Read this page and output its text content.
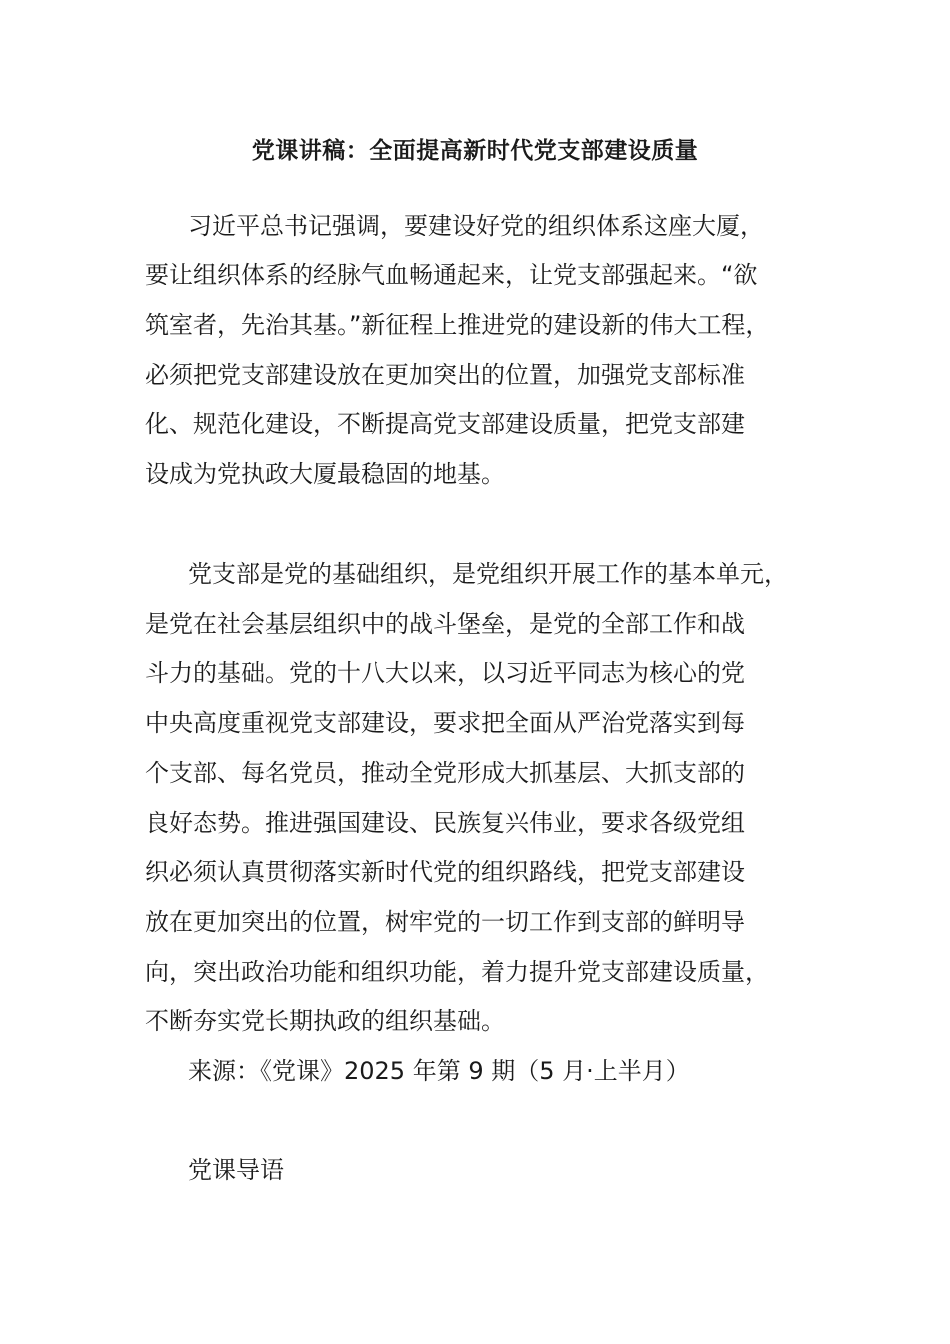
党课讲稿：全面提高新时代党支部建设质量
习近平总书记强调，要建设好党的组织体系这座大厦，
要让组织体系的经脉气血畅通起来，让党支部强起来。“欲
筑室者，先治其基。”新征程上推进党的建设新的伟大工程，
必须把党支部建设放在更加突出的位置，加强党支部标准
化、规范化建设，不断提高党支部建设质量，把党支部建
设成为党执政大厦最稳固的地基。
党支部是党的基础组织，是党组织开展工作的基本单元，
是党在社会基层组织中的战斗堡垒，是党的全部工作和战
斗力的基础。党的十八大以来，以习近平同志为核心的党
中央高度重视党支部建设，要求把全面从严治党落实到每
个支部、每名党员，推动全党形成大抓基层、大抓支部的
良好态势。推进强国建设、民族复兴伟业，要求各级党组
织必须认真贯彻落实新时代党的组织路线，把党支部建设
放在更加突出的位置，树牢党的一切工作到支部的鲜明导
向，突出政治功能和组织功能，着力提升党支部建设质量，
不断夯实党长期执政的组织基础。
来源：《党课》2025 年第 9 期（5 月·上半月）
党课导语
